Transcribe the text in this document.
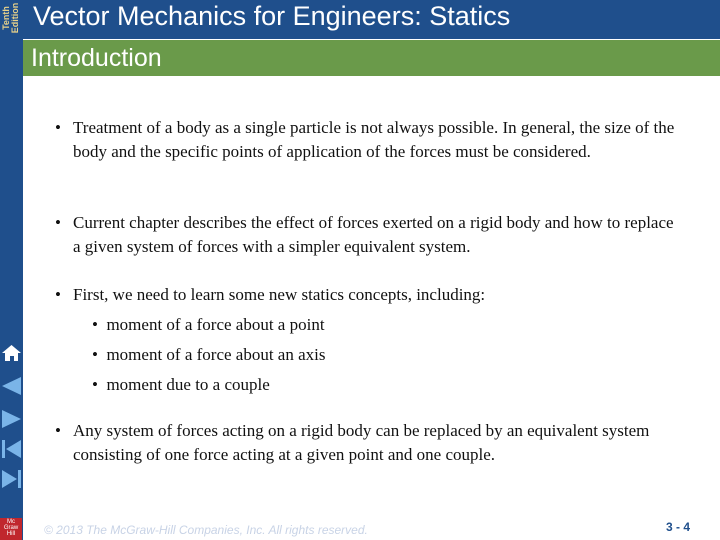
Tenth
Edition Vector Mechanics for Engineers: Statics
Introduction
• Treatment of a body as a single particle is not always possible. In general, the size of the body and the specific points of application of the forces must be considered.
• Current chapter describes the effect of forces exerted on a rigid body and how to replace a given system of forces with a simpler equivalent system.
• First, we need to learn some new statics concepts, including:
• moment of a force about a point
• moment of a force about an axis
• moment due to a couple
• Any system of forces acting on a rigid body can be replaced by an equivalent system consisting of one force acting at a given point and one couple.
Mc
Graw
Hill	© 2013 The McGraw-Hill Companies, Inc. All rights reserved.	3 - 4
